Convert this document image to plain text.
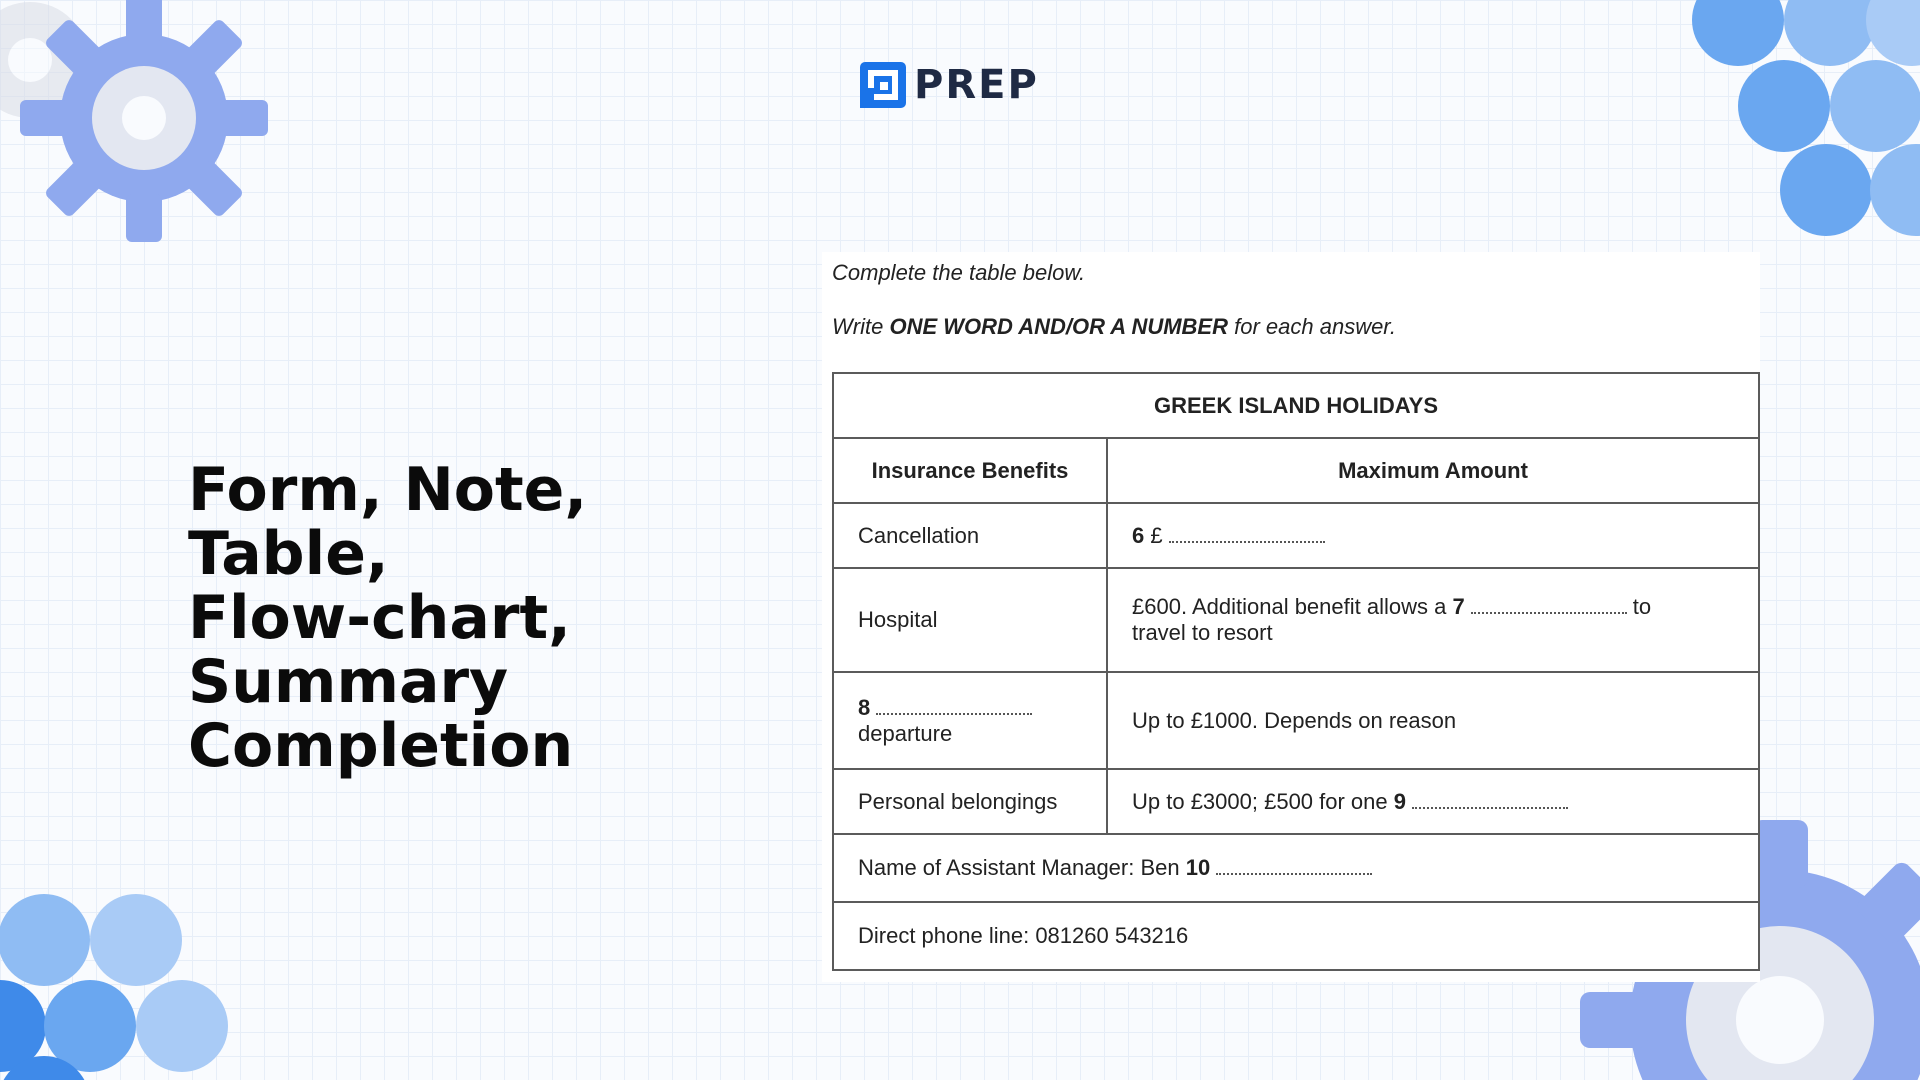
PREP
Form, Note, Table,
Flow-chart,
Summary
Completion
Complete the table below.
Write ONE WORD AND/OR A NUMBER for each answer.
GREEK ISLAND HOLIDAYS	
Insurance Benefits	Maximum Amount
Cancellation	6 £
Hospital	£600. Additional benefit allows a 7 to
travel to resort
8
departure	Up to £1000. Depends on reason
Personal belongings	Up to £3000; £500 for one 9
Name of Assistant Manager: Ben 10	
Direct phone line: 081260 543216	
